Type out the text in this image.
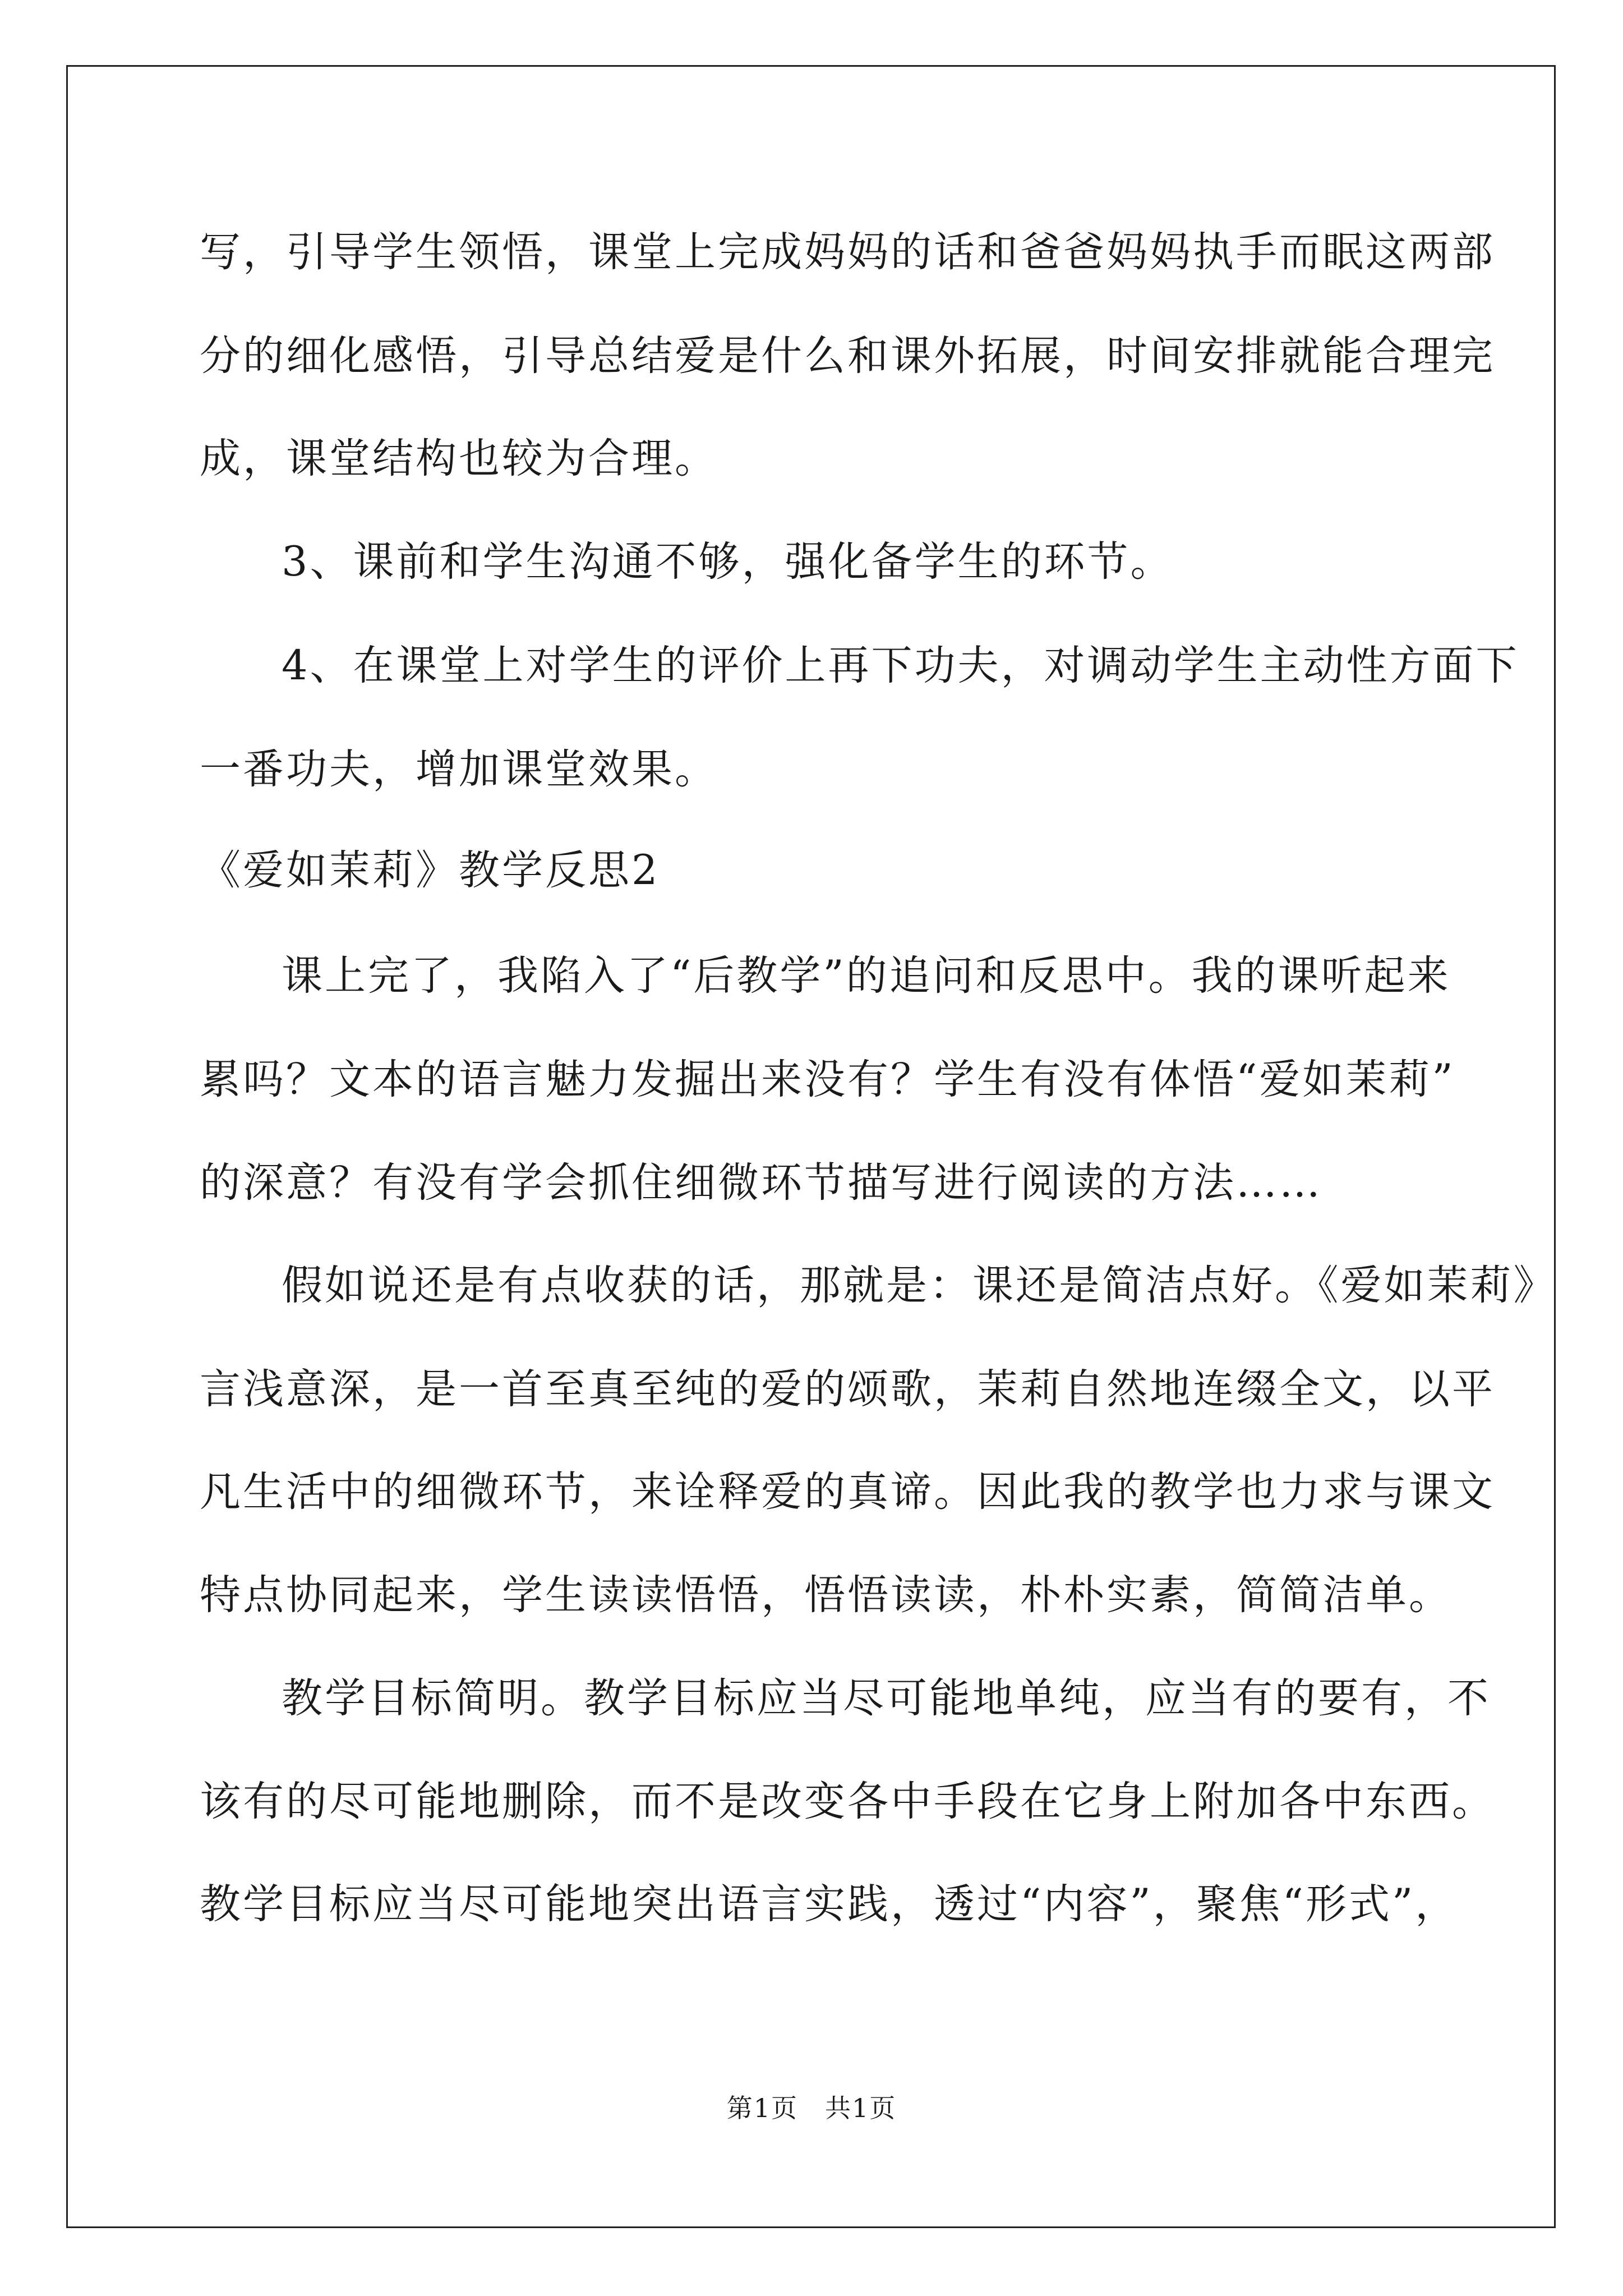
写，引导学生领悟，课堂上完成妈妈的话和爸爸妈妈执手而眠这两部
分的细化感悟，引导总结爱是什么和课外拓展，时间安排就能合理完
成，课堂结构也较为合理。
3、课前和学生沟通不够，强化备学生的环节。
4、在课堂上对学生的评价上再下功夫，对调动学生主动性方面下
一番功夫，增加课堂效果。
《爱如茉莉》教学反思2
课上完了，我陷入了“后教学”的追问和反思中。我的课听起来
累吗？文本的语言魅力发掘出来没有？学生有没有体悟“爱如茉莉”
的深意？有没有学会抓住细微环节描写进行阅读的方法……
假如说还是有点收获的话，那就是：课还是简洁点好。《爱如茉莉》
言浅意深，是一首至真至纯的爱的颂歌，茉莉自然地连缀全文，以平
凡生活中的细微环节，来诠释爱的真谛。因此我的教学也力求与课文
特点协同起来，学生读读悟悟，悟悟读读，朴朴实素，简简洁单。
教学目标简明。教学目标应当尽可能地单纯，应当有的要有，不
该有的尽可能地删除，而不是改变各中手段在它身上附加各中东西。
教学目标应当尽可能地突出语言实践，透过“内容”，聚焦“形式”，
第1页　共1页
